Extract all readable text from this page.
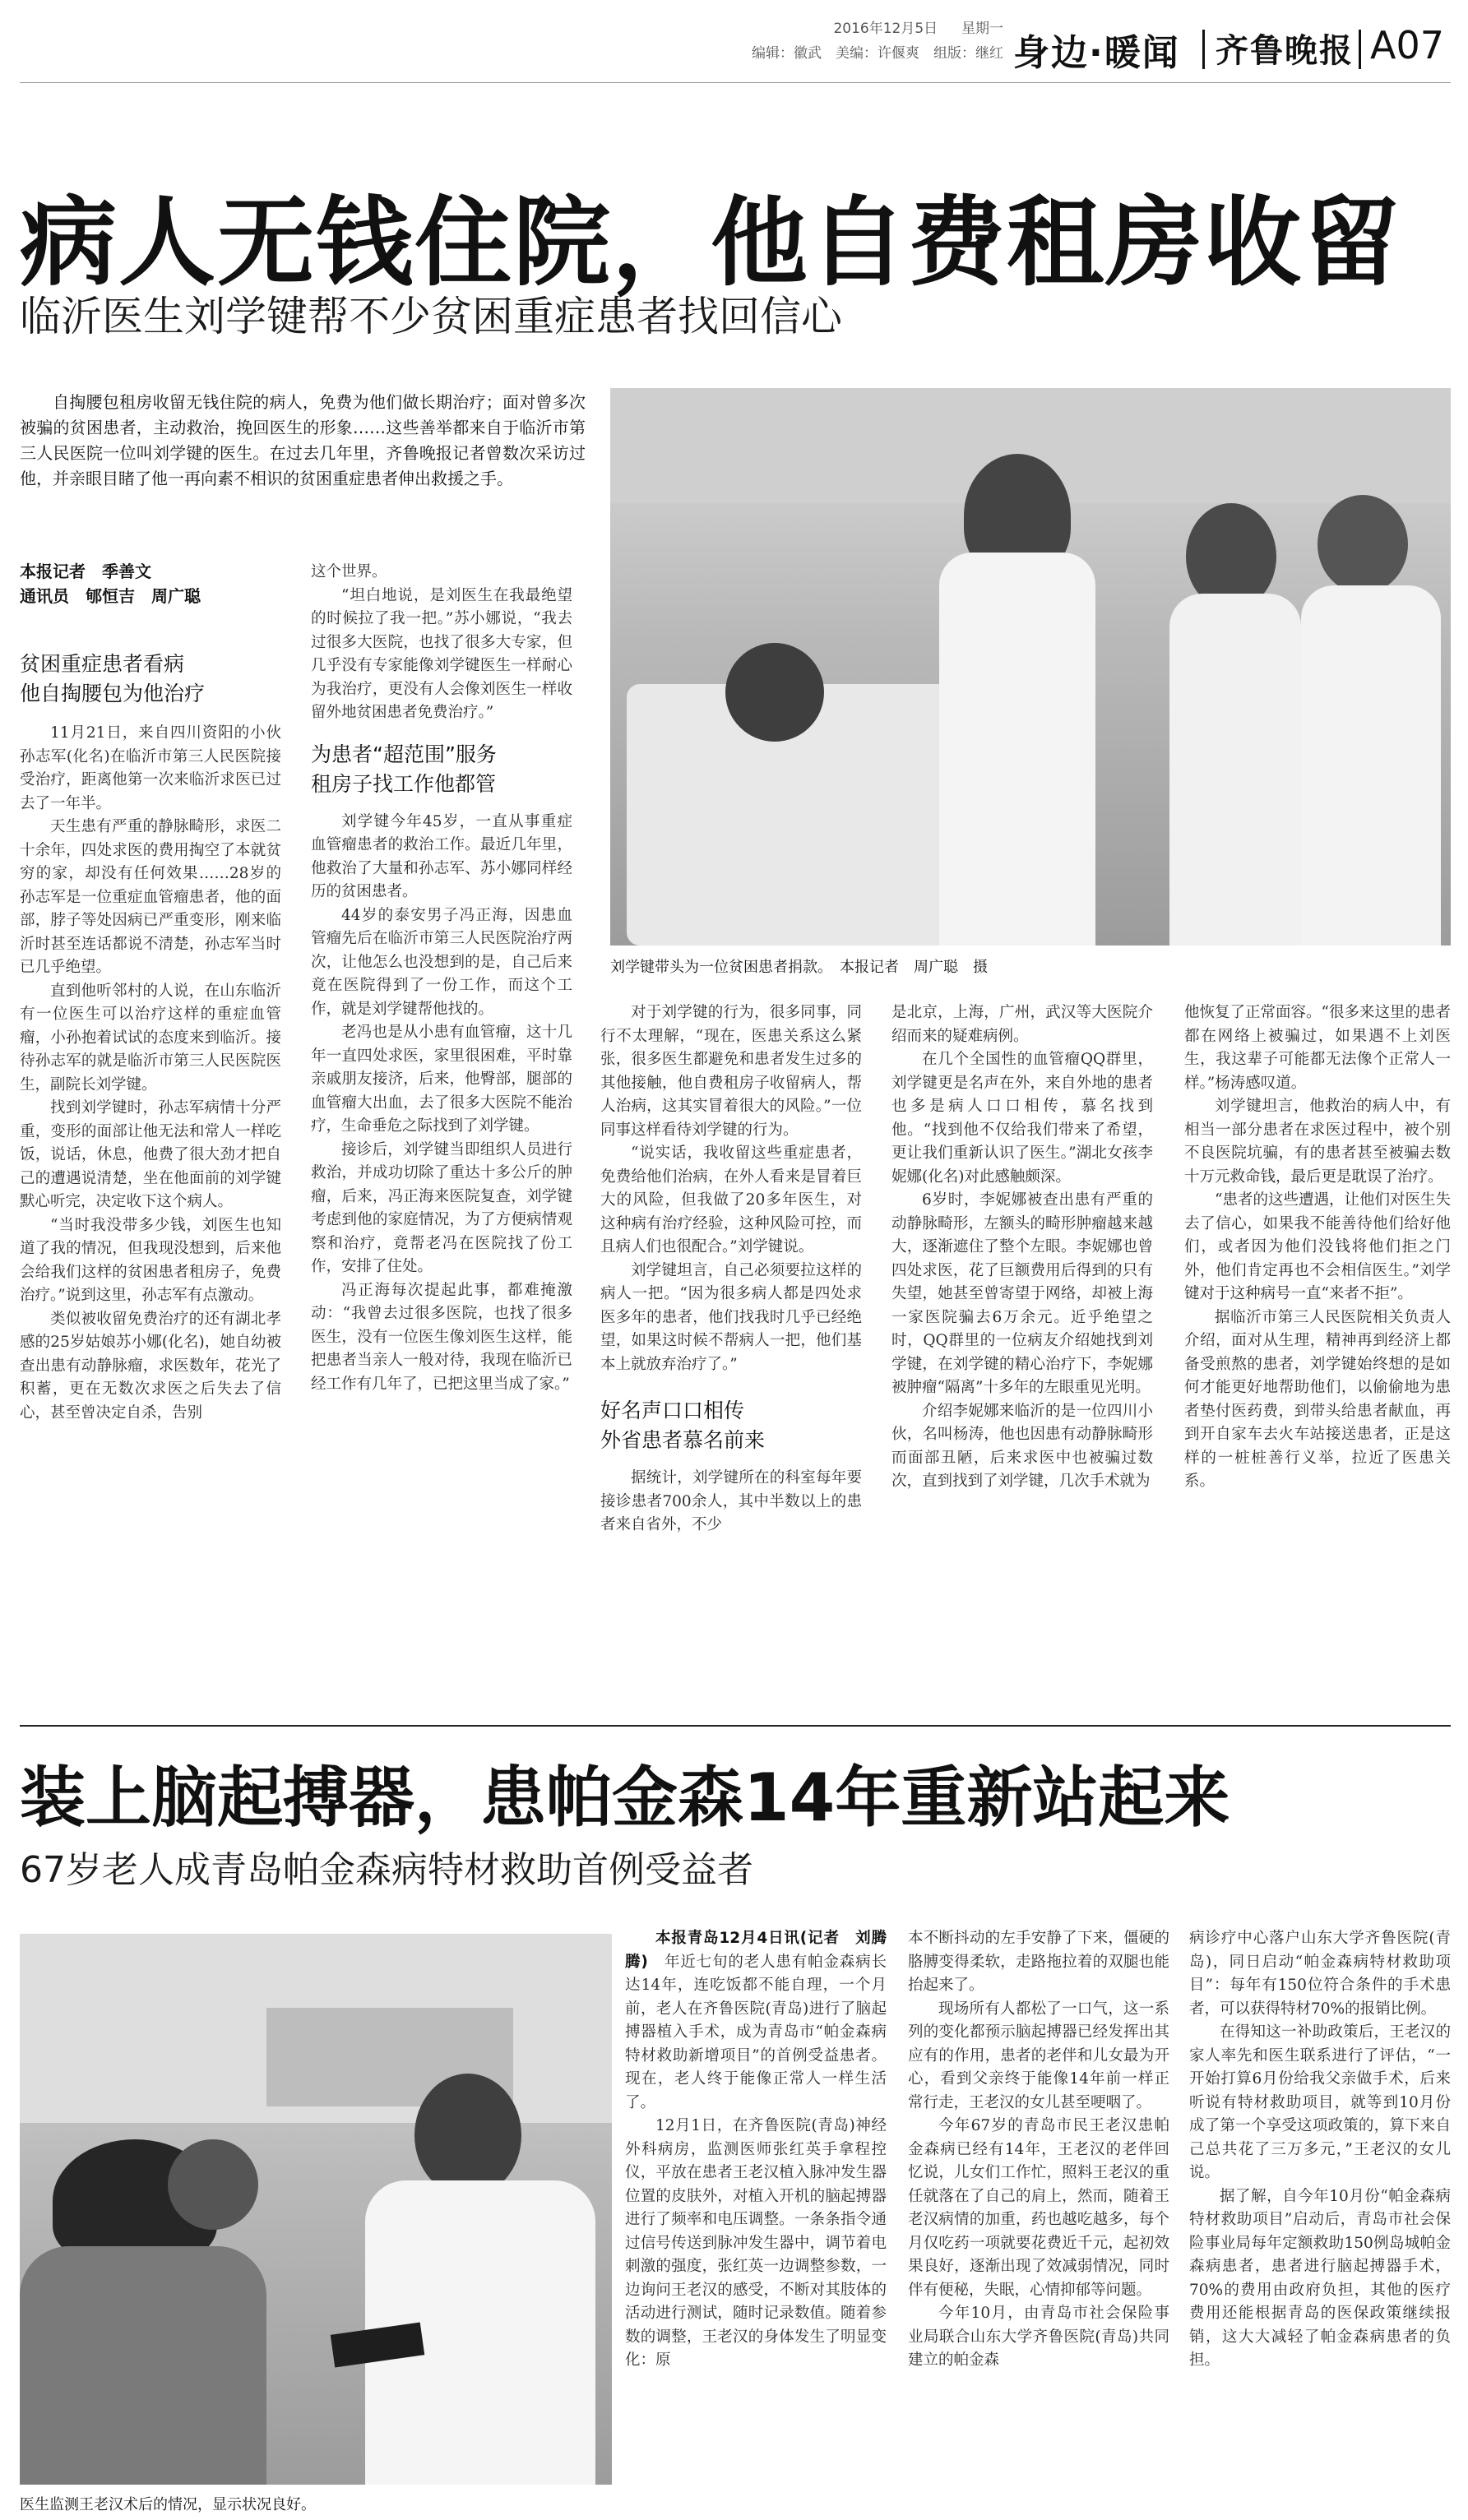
2016年12月5日 星期一
编辑：徽武　美编：许偃爽　组版：继红 身边·暖闻 齐鲁晚报 A07
病人无钱住院，他自费租房收留
临沂医生刘学键帮不少贫困重症患者找回信心
自掏腰包租房收留无钱住院的病人，免费为他们做长期治疗；面对曾多次被骗的贫困患者，主动救治，挽回医生的形象……这些善举都来自于临沂市第三人民医院一位叫刘学键的医生。在过去几年里，齐鲁晚报记者曾数次采访过他，并亲眼目睹了他一再向素不相识的贫困重症患者伸出救援之手。
本报记者　季善文
通讯员　郇恒吉　周广聪
刘学键带头为一位贫困患者捐款。　本报记者　周广聪　摄
贫困重症患者看病
他自掏腰包为他治疗

11月21日，来自四川资阳的小伙孙志军(化名)在临沂市第三人民医院接受治疗，距离他第一次来临沂求医已过去了一年半。

天生患有严重的静脉畸形，求医二十余年，四处求医的费用掏空了本就贫穷的家，却没有任何效果……28岁的孙志军是一位重症血管瘤患者，他的面部，脖子等处因病已严重变形，刚来临沂时甚至连话都说不清楚，孙志军当时已几乎绝望。

直到他听邻村的人说，在山东临沂有一位医生可以治疗这样的重症血管瘤，小孙抱着试试的态度来到临沂。接待孙志军的就是临沂市第三人民医院医生，副院长刘学键。

找到刘学键时，孙志军病情十分严重，变形的面部让他无法和常人一样吃饭，说话，休息，他费了很大劲才把自己的遭遇说清楚，坐在他面前的刘学键默心听完，决定收下这个病人。

“当时我没带多少钱，刘医生也知道了我的情况，但我现没想到，后来他会给我们这样的贫困患者租房子，免费治疗。”说到这里，孙志军有点激动。

类似被收留免费治疗的还有湖北孝感的25岁姑娘苏小娜(化名)，她自幼被查出患有动静脉瘤，求医数年，花光了积蓄，更在无数次求医之后失去了信心，甚至曾决定自杀，告别

这个世界。

“坦白地说，是刘医生在我最绝望的时候拉了我一把。”苏小娜说，“我去过很多大医院，也找了很多大专家，但几乎没有专家能像刘学键医生一样耐心为我治疗，更没有人会像刘医生一样收留外地贫困患者免费治疗。”

为患者“超范围”服务
租房子找工作他都管

刘学键今年45岁，一直从事重症血管瘤患者的救治工作。最近几年里，他救治了大量和孙志军、苏小娜同样经历的贫困患者。

44岁的泰安男子冯正海，因患血管瘤先后在临沂市第三人民医院治疗两次，让他怎么也没想到的是，自己后来竟在医院得到了一份工作，而这个工作，就是刘学键帮他找的。

老冯也是从小患有血管瘤，这十几年一直四处求医，家里很困难，平时靠亲戚朋友接济，后来，他臀部，腿部的血管瘤大出血，去了很多大医院不能治疗，生命垂危之际找到了刘学键。

接诊后，刘学键当即组织人员进行救治，并成功切除了重达十多公斤的肿瘤，后来，冯正海来医院复查，刘学键考虑到他的家庭情况，为了方便病情观察和治疗，竟帮老冯在医院找了份工作，安排了住处。

冯正海每次提起此事，都难掩激动：“我曾去过很多医院，也找了很多医生，没有一位医生像刘医生这样，能把患者当亲人一般对待，我现在临沂已经工作有几年了，已把这里当成了家。”

对于刘学键的行为，很多同事，同行不太理解，“现在，医患关系这么紧张，很多医生都避免和患者发生过多的其他接触，他自费租房子收留病人，帮人治病，这其实冒着很大的风险。”一位同事这样看待刘学键的行为。

“说实话，我收留这些重症患者，免费给他们治病，在外人看来是冒着巨大的风险，但我做了20多年医生，对这种病有治疗经验，这种风险可控，而且病人们也很配合。”刘学键说。

刘学键坦言，自己必须要拉这样的病人一把。“因为很多病人都是四处求医多年的患者，他们找我时几乎已经绝望，如果这时候不帮病人一把，他们基本上就放弃治疗了。”

好名声口口相传
外省患者慕名前来

据统计，刘学键所在的科室每年要接诊患者700余人，其中半数以上的患者来自省外，不少

是北京，上海，广州，武汉等大医院介绍而来的疑难病例。

在几个全国性的血管瘤QQ群里，刘学键更是名声在外，来自外地的患者也多是病人口口相传，慕名找到他。“找到他不仅给我们带来了希望，更让我们重新认识了医生。”湖北女孩李妮娜(化名)对此感触颇深。

6岁时，李妮娜被查出患有严重的动静脉畸形，左额头的畸形肿瘤越来越大，逐渐遮住了整个左眼。李妮娜也曾四处求医，花了巨额费用后得到的只有失望，她甚至曾寄望于网络，却被上海一家医院骗去6万余元。近乎绝望之时，QQ群里的一位病友介绍她找到刘学键，在刘学键的精心治疗下，李妮娜被肿瘤“隔离”十多年的左眼重见光明。

介绍李妮娜来临沂的是一位四川小伙，名叫杨涛，他也因患有动静脉畸形而面部丑陋，后来求医中也被骗过数次，直到找到了刘学键，几次手术就为

他恢复了正常面容。“很多来这里的患者都在网络上被骗过，如果遇不上刘医生，我这辈子可能都无法像个正常人一样。”杨涛感叹道。

刘学键坦言，他救治的病人中，有相当一部分患者在求医过程中，被个别不良医院坑骗，有的患者甚至被骗去数十万元救命钱，最后更是耽误了治疗。

“患者的这些遭遇，让他们对医生失去了信心，如果我不能善待他们给好他们，或者因为他们没钱将他们拒之门外，他们肯定再也不会相信医生。”刘学键对于这种病号一直“来者不拒”。

据临沂市第三人民医院相关负责人介绍，面对从生理，精神再到经济上都备受煎熬的患者，刘学键始终想的是如何才能更好地帮助他们，以偷偷地为患者垫付医药费，到带头给患者献血，再到开自家车去火车站接送患者，正是这样的一桩桩善行义举，拉近了医患关系。

装上脑起搏器，患帕金森14年重新站起来
67岁老人成青岛帕金森病特材救助首例受益者
医生监测王老汉术后的情况，显示状况良好。

本报青岛12月4日讯(记者　刘腾腾)　 年近七旬的老人患有帕金森病长达14年，连吃饭都不能自理，一个月前，老人在齐鲁医院(青岛)进行了脑起搏器植入手术，成为青岛市“帕金森病特材救助新增项目”的首例受益患者。现在，老人终于能像正常人一样生活了。

12月1日，在齐鲁医院(青岛)神经外科病房，监测医师张红英手拿程控仪，平放在患者王老汉植入脉冲发生器位置的皮肤外，对植入开机的脑起搏器进行了频率和电压调整。一条条指令通过信号传送到脉冲发生器中，调节着电刺激的强度，张红英一边调整参数，一边询问王老汉的感受，不断对其肢体的活动进行测试，随时记录数值。随着参数的调整，王老汉的身体发生了明显变化：原

本不断抖动的左手安静了下来，僵硬的胳膊变得柔软，走路拖拉着的双腿也能抬起来了。

现场所有人都松了一口气，这一系列的变化都预示脑起搏器已经发挥出其应有的作用，患者的老伴和儿女最为开心，看到父亲终于能像14年前一样正常行走，王老汉的女儿甚至哽咽了。

今年67岁的青岛市民王老汉患帕金森病已经有14年，王老汉的老伴回忆说，儿女们工作忙，照料王老汉的重任就落在了自己的肩上，然而，随着王老汉病情的加重，药也越吃越多，每个月仅吃药一项就要花费近千元，起初效果良好，逐渐出现了效减弱情况，同时伴有便秘，失眠，心情抑郁等问题。

今年10月，由青岛市社会保险事业局联合山东大学齐鲁医院(青岛)共同建立的帕金森

病诊疗中心落户山东大学齐鲁医院(青岛)，同日启动“帕金森病特材救助项目”：每年有150位符合条件的手术患者，可以获得特材70%的报销比例。

在得知这一补助政策后，王老汉的家人率先和医生联系进行了评估，“一开始打算6月份给我父亲做手术，后来听说有特材救助项目，就等到10月份成了第一个享受这项政策的，算下来自己总共花了三万多元，”王老汉的女儿说。

据了解，自今年10月份“帕金森病特材救助项目”启动后，青岛市社会保险事业局每年定额救助150例岛城帕金森病患者，患者进行脑起搏器手术，70%的费用由政府负担，其他的医疗费用还能根据青岛的医保政策继续报销，这大大减轻了帕金森病患者的负担。
